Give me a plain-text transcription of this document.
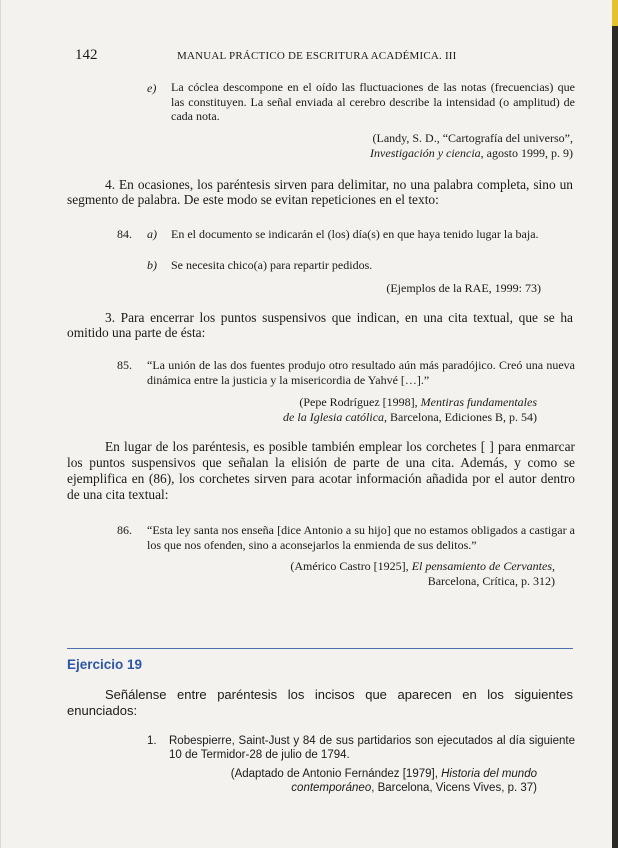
142	MANUAL PRÁCTICO DE ESCRITURA ACADÉMICA. III
e) La cóclea descompone en el oído las fluctuaciones de las notas (frecuencias) que las constituyen. La señal enviada al cerebro describe la intensidad (o amplitud) de cada nota.
(Landy, S. D., “Cartografía del universo”,
Investigación y ciencia, agosto 1999, p. 9)
4. En ocasiones, los paréntesis sirven para delimitar, no una palabra completa, sino un segmento de palabra. De este modo se evitan repeticiones en el texto:
84. a) En el documento se indicarán el (los) día(s) en que haya tenido lugar la baja.
b) Se necesita chico(a) para repartir pedidos.
(Ejemplos de la RAE, 1999: 73)
3. Para encerrar los puntos suspensivos que indican, en una cita textual, que se ha omitido una parte de ésta:
85. “La unión de las dos fuentes produjo otro resultado aún más paradójico. Creó una nueva dinámica entre la justicia y la misericordia de Yahvé […].”
(Pepe Rodríguez [1998], Mentiras fundamentales
de la Iglesia católica, Barcelona, Ediciones B, p. 54)
En lugar de los paréntesis, es posible también emplear los corchetes [ ] para enmarcar los puntos suspensivos que señalan la elisión de parte de una cita. Además, y como se ejemplifica en (86), los corchetes sirven para acotar información añadida por el autor dentro de una cita textual:
86. “Esta ley santa nos enseña [dice Antonio a su hijo] que no estamos obligados a castigar a los que nos ofenden, sino a aconsejarlos la enmienda de sus delitos.”
(Américo Castro [1925], El pensamiento de Cervantes,
Barcelona, Crítica, p. 312)
Ejercicio 19
Señálense entre paréntesis los incisos que aparecen en los siguientes enunciados:
1. Robespierre, Saint-Just y 84 de sus partidarios son ejecutados al día siguiente 10 de Termidor-28 de julio de 1794.
(Adaptado de Antonio Fernández [1979], Historia del mundo
contemporáneo, Barcelona, Vicens Vives, p. 37)
